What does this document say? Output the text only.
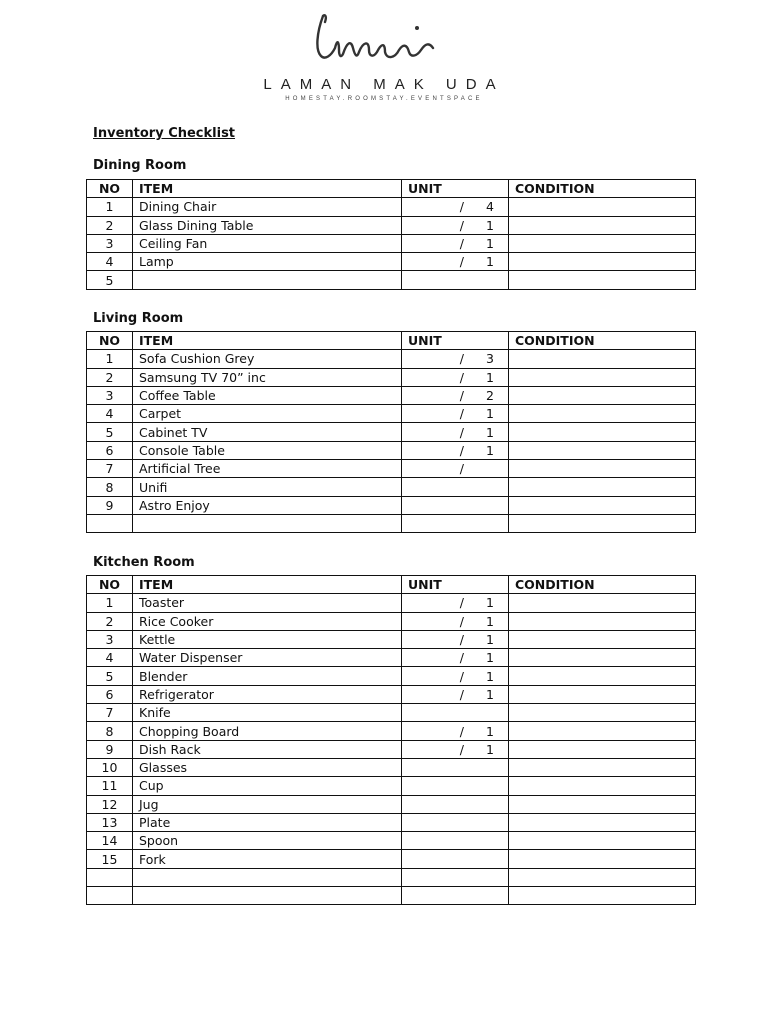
LAMAN MAK UDA
HOMESTAY.ROOMSTAY.EVENTSPACE
Inventory Checklist
Dining Room
NO	ITEM	UNIT	CONDITION
1	Dining Chair	/ 4	
2	Glass Dining Table	/ 1	
3	Ceiling Fan	/ 1	
4	Lamp	/ 1	
5			
Living Room
NO	ITEM	UNIT	CONDITION
1	Sofa Cushion Grey	/ 3	
2	Samsung TV 70” inc	/ 1	
3	Coffee Table	/ 2	
4	Carpet	/ 1	
5	Cabinet TV	/ 1	
6	Console Table	/ 1	
7	Artificial Tree	/	
8	Unifi		
9	Astro Enjoy		

Kitchen Room
NO	ITEM	UNIT	CONDITION
1	Toaster	/ 1	
2	Rice Cooker	/ 1	
3	Kettle	/ 1	
4	Water Dispenser	/ 1	
5	Blender	/ 1	
6	Refrigerator	/ 1	
7	Knife		
8	Chopping Board	/ 1	
9	Dish Rack	/ 1	
10	Glasses		
11	Cup		
12	Jug		
13	Plate		
14	Spoon		
15	Fork		
